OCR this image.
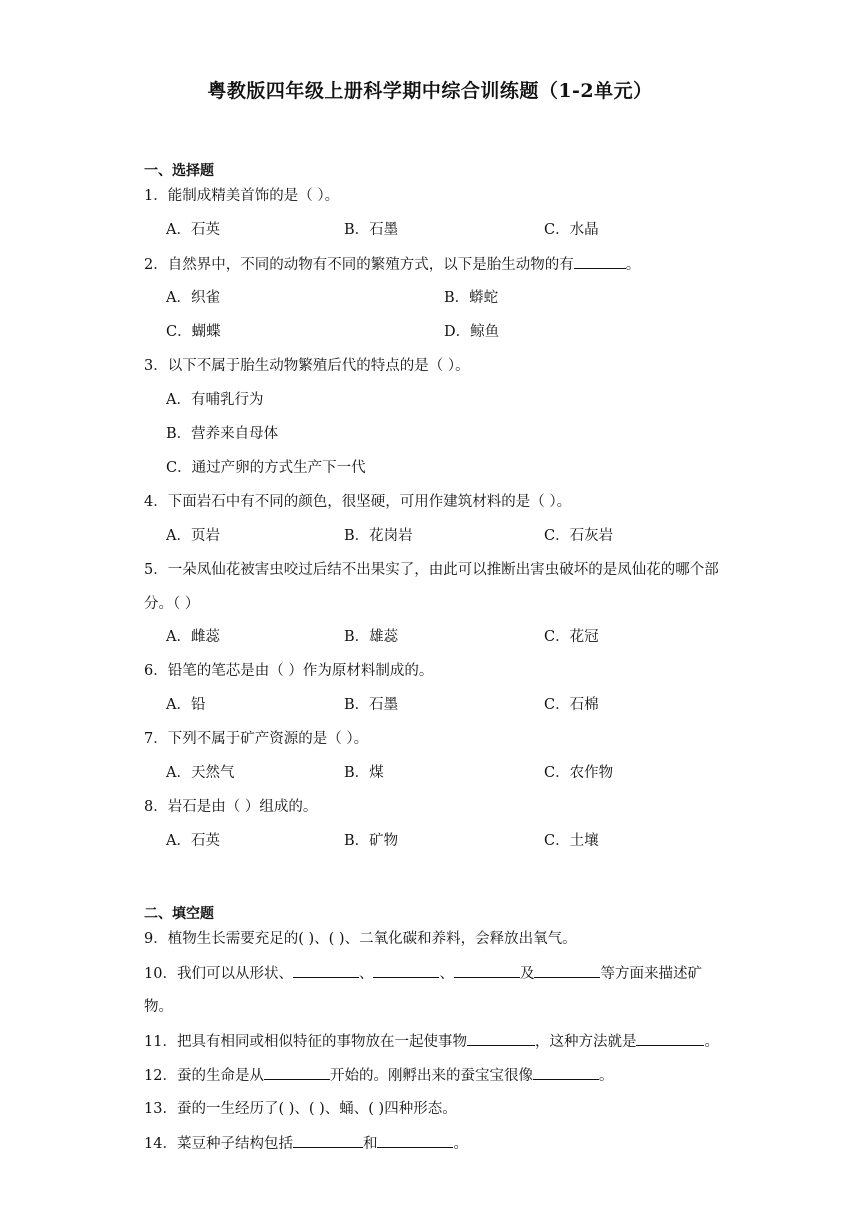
粤教版四年级上册科学期中综合训练题（1-2单元）
一、选择题
1．能制成精美首饰的是（ ）。
A．石英	B．石墨	C．水晶
2．自然界中，不同的动物有不同的繁殖方式，以下是胎生动物的有	。
A．织雀	B．蟒蛇
C．蝴蝶	D．鲸鱼
3．以下不属于胎生动物繁殖后代的特点的是（ ）。
A．有哺乳行为
B．营养来自母体
C．通过产卵的方式生产下一代
4．下面岩石中有不同的颜色，很坚硬，可用作建筑材料的是（ ）。
A．页岩	B．花岗岩	C．石灰岩
5．一朵凤仙花被害虫咬过后结不出果实了，由此可以推断出害虫破坏的是凤仙花的哪个部分。（ ）
A．雌蕊	B．雄蕊	C．花冠
6．铅笔的笔芯是由（ ）作为原材料制成的。
A．铅	B．石墨	C．石棉
7．下列不属于矿产资源的是（ ）。
A．天然气	B．煤	C．农作物
8．岩石是由（ ）组成的。
A．石英	B．矿物	C．土壤
二、填空题
9．植物生长需要充足的( )、( )、二氧化碳和养料，会释放出氧气。
10．我们可以从形状、	、	、	及	等方面来描述矿
物。
11．把具有相同或相似特征的事物放在一起使事物	，这种方法就是	。
12．蚕的生命是从	开始的。刚孵出来的蚕宝宝很像	。
13．蚕的一生经历了( )、( )、蛹、( )四种形态。
14．菜豆种子结构包括	和	。
